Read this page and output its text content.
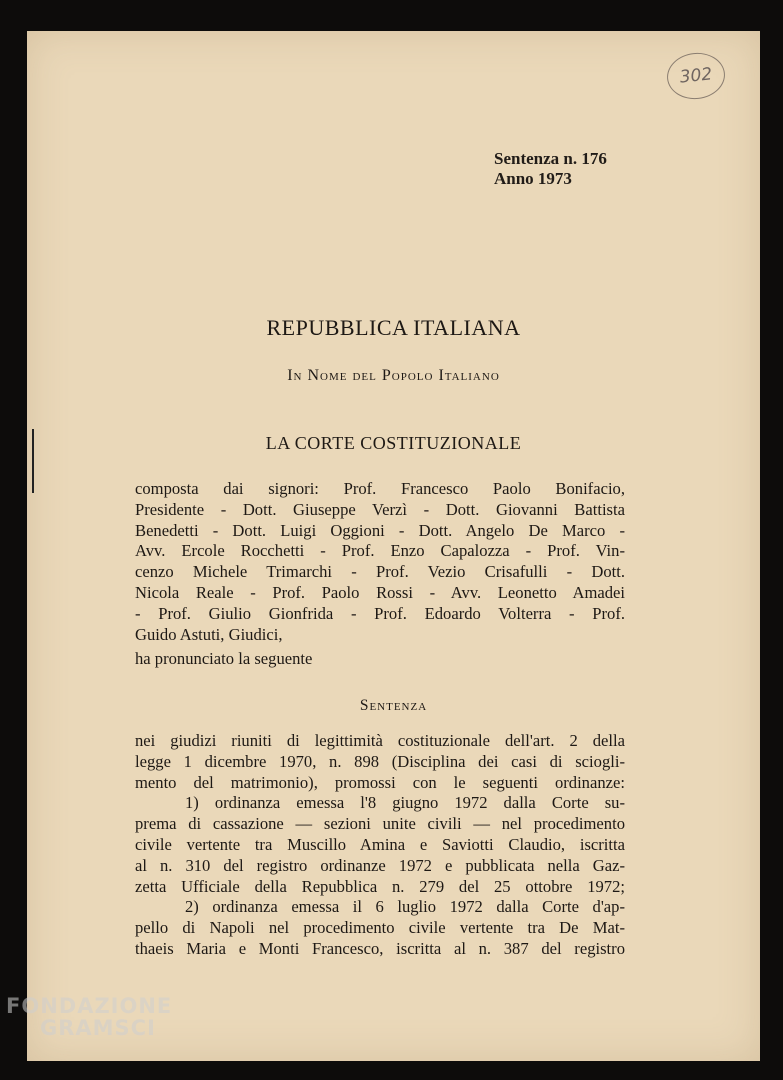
302
Sentenza n. 176
Anno 1973
REPUBBLICA ITALIANA
In Nome del Popolo Italiano
LA CORTE COSTITUZIONALE
composta dai signori: Prof. Francesco Paolo Bonifacio,
Presidente - Dott. Giuseppe Verzì - Dott. Giovanni Battista
Benedetti - Dott. Luigi Oggioni - Dott. Angelo De Marco -
Avv. Ercole Rocchetti - Prof. Enzo Capalozza - Prof. Vin-
cenzo Michele Trimarchi - Prof. Vezio Crisafulli - Dott.
Nicola Reale - Prof. Paolo Rossi - Avv. Leonetto Amadei
- Prof. Giulio Gionfrida - Prof. Edoardo Volterra - Prof.
Guido Astuti, Giudici,
ha pronunciato la seguente
Sentenza
nei giudizi riuniti di legittimità costituzionale dell'art. 2 della
legge 1 dicembre 1970, n. 898 (Disciplina dei casi di sciogli-
mento del matrimonio), promossi con le seguenti ordinanze:
1) ordinanza emessa l'8 giugno 1972 dalla Corte su-
prema di cassazione — sezioni unite civili — nel procedimento
civile vertente tra Muscillo Amina e Saviotti Claudio, iscritta
al n. 310 del registro ordinanze 1972 e pubblicata nella Gaz-
zetta Ufficiale della Repubblica n. 279 del 25 ottobre 1972;
2) ordinanza emessa il 6 luglio 1972 dalla Corte d'ap-
pello di Napoli nel procedimento civile vertente tra De Mat-
thaeis Maria e Monti Francesco, iscritta al n. 387 del registro
FONDAZIONE
GRAMSCI
